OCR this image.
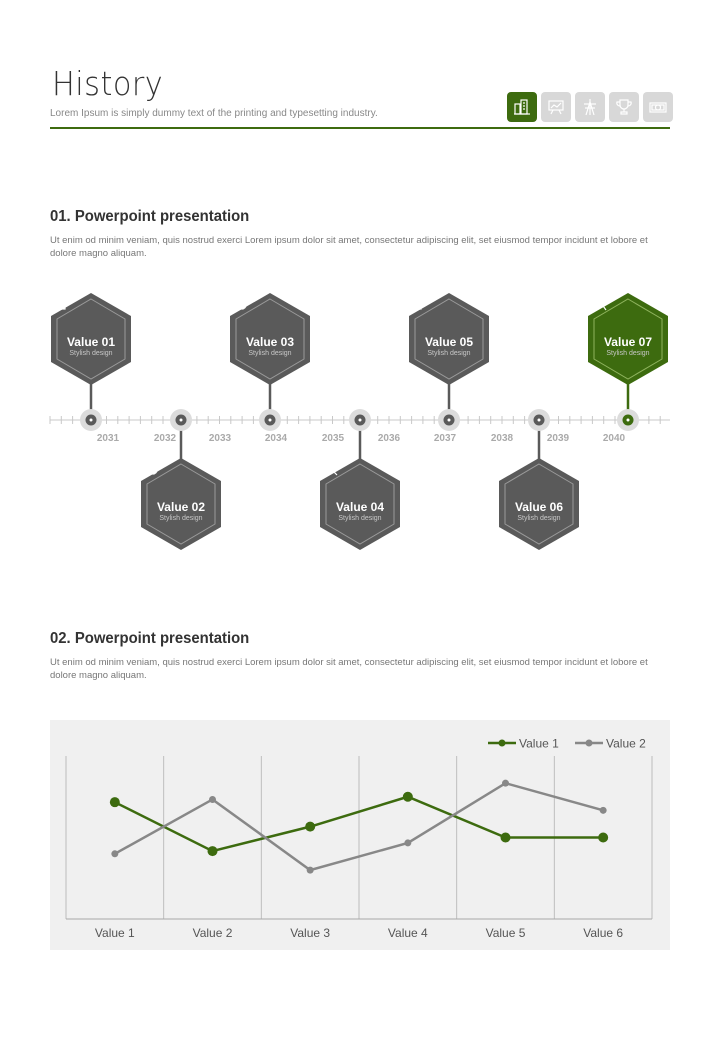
History
Lorem Ipsum is simply dummy text of the printing and typesetting industry.
01. Powerpoint presentation
Ut enim od minim veniam, quis nostrud exerci Lorem ipsum dolor sit amet, consectetur adipiscing elit, set eiusmod tempor incidunt et lobore et dolore magno aliquam.
2031	2032	2033	2034	2035	2036	2037	2038	2039	2040
Value 01
Stylish design
Value 02
Stylish design
Value 03
Stylish design
Value 04
Stylish design
Value 05
Stylish design
Value 06
Stylish design
Value 07
Stylish design
02. Powerpoint presentation
Ut enim od minim veniam, quis nostrud exerci Lorem ipsum dolor sit amet, consectetur adipiscing elit, set eiusmod tempor incidunt et lobore et dolore magno aliquam.
Value 1	Value 2	Value 3	Value 4	Value 5	Value 6
Value 1	Value 2
